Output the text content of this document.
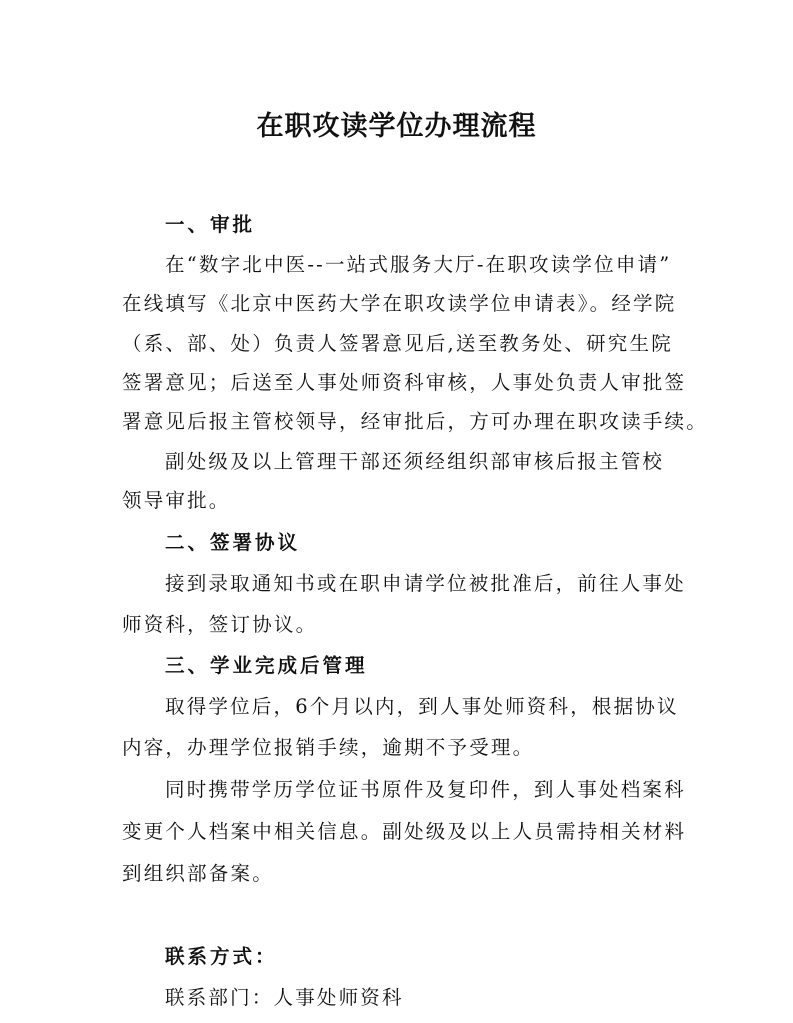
在职攻读学位办理流程

一、审批

在“数字北中医--一站式服务大厅-在职攻读学位申请”

在线填写《北京中医药大学在职攻读学位申请表》。经学院

（系、部、处）负责人签署意见后,送至教务处、研究生院

签署意见；后送至人事处师资科审核，人事处负责人审批签

署意见后报主管校领导，经审批后，方可办理在职攻读手续。

副处级及以上管理干部还须经组织部审核后报主管校

领导审批。

二、签署协议

接到录取通知书或在职申请学位被批准后，前往人事处

师资科，签订协议。

三、学业完成后管理

取得学位后，6个月以内，到人事处师资科，根据协议

内容，办理学位报销手续，逾期不予受理。

同时携带学历学位证书原件及复印件，到人事处档案科

变更个人档案中相关信息。副处级及以上人员需持相关材料

到组织部备案。

联系方式：

联系部门：人事处师资科
